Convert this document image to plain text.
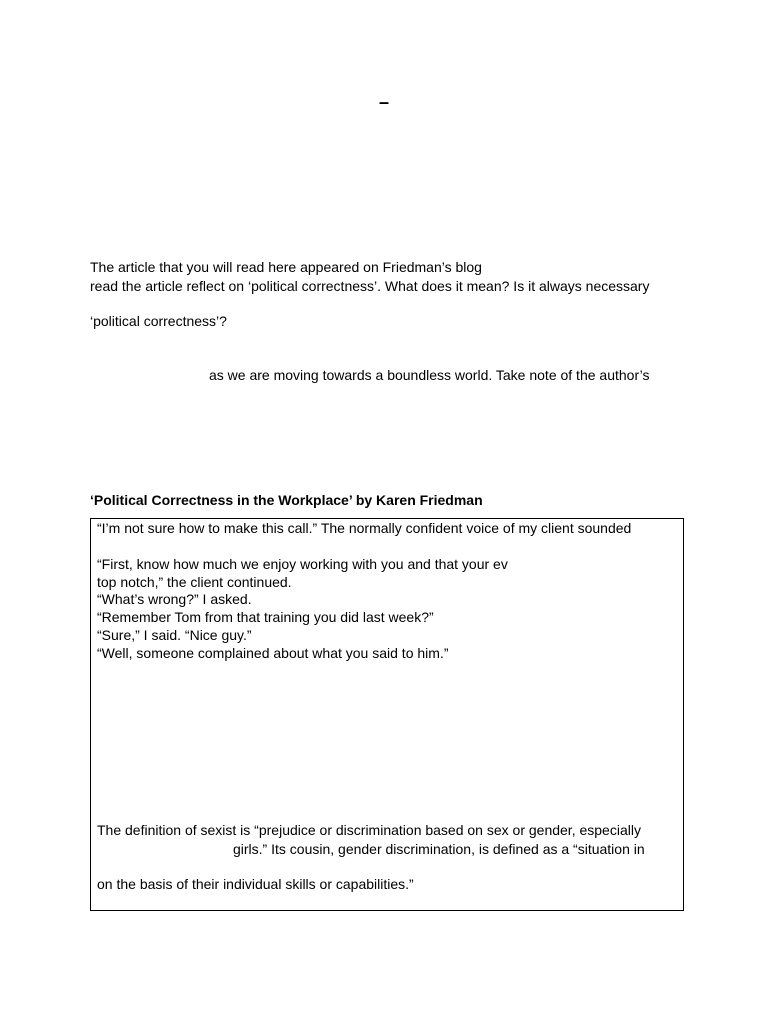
–
The article that you will read here appeared on Friedman’s blog
read the article reflect on ‘political correctness’. What does it mean? Is it always necessary
‘political correctness’?
as we are moving towards a boundless world. Take note of the author’s
‘Political Correctness in the Workplace’ by Karen Friedman
“I’m not sure how to make this call.” The normally confident voice of my client sounded
“First, know how much we enjoy working with you and that your ev
top notch,” the client continued.
“What’s wrong?” I asked.
“Remember Tom from that training you did last week?”
“Sure,” I said. “Nice guy.”
“Well, someone complained about what you said to him.”
The definition of sexist is “prejudice or discrimination based on sex or gender, especially
girls.” Its cousin, gender discrimination, is defined as a “situation in
on the basis of their individual skills or capabilities.”
